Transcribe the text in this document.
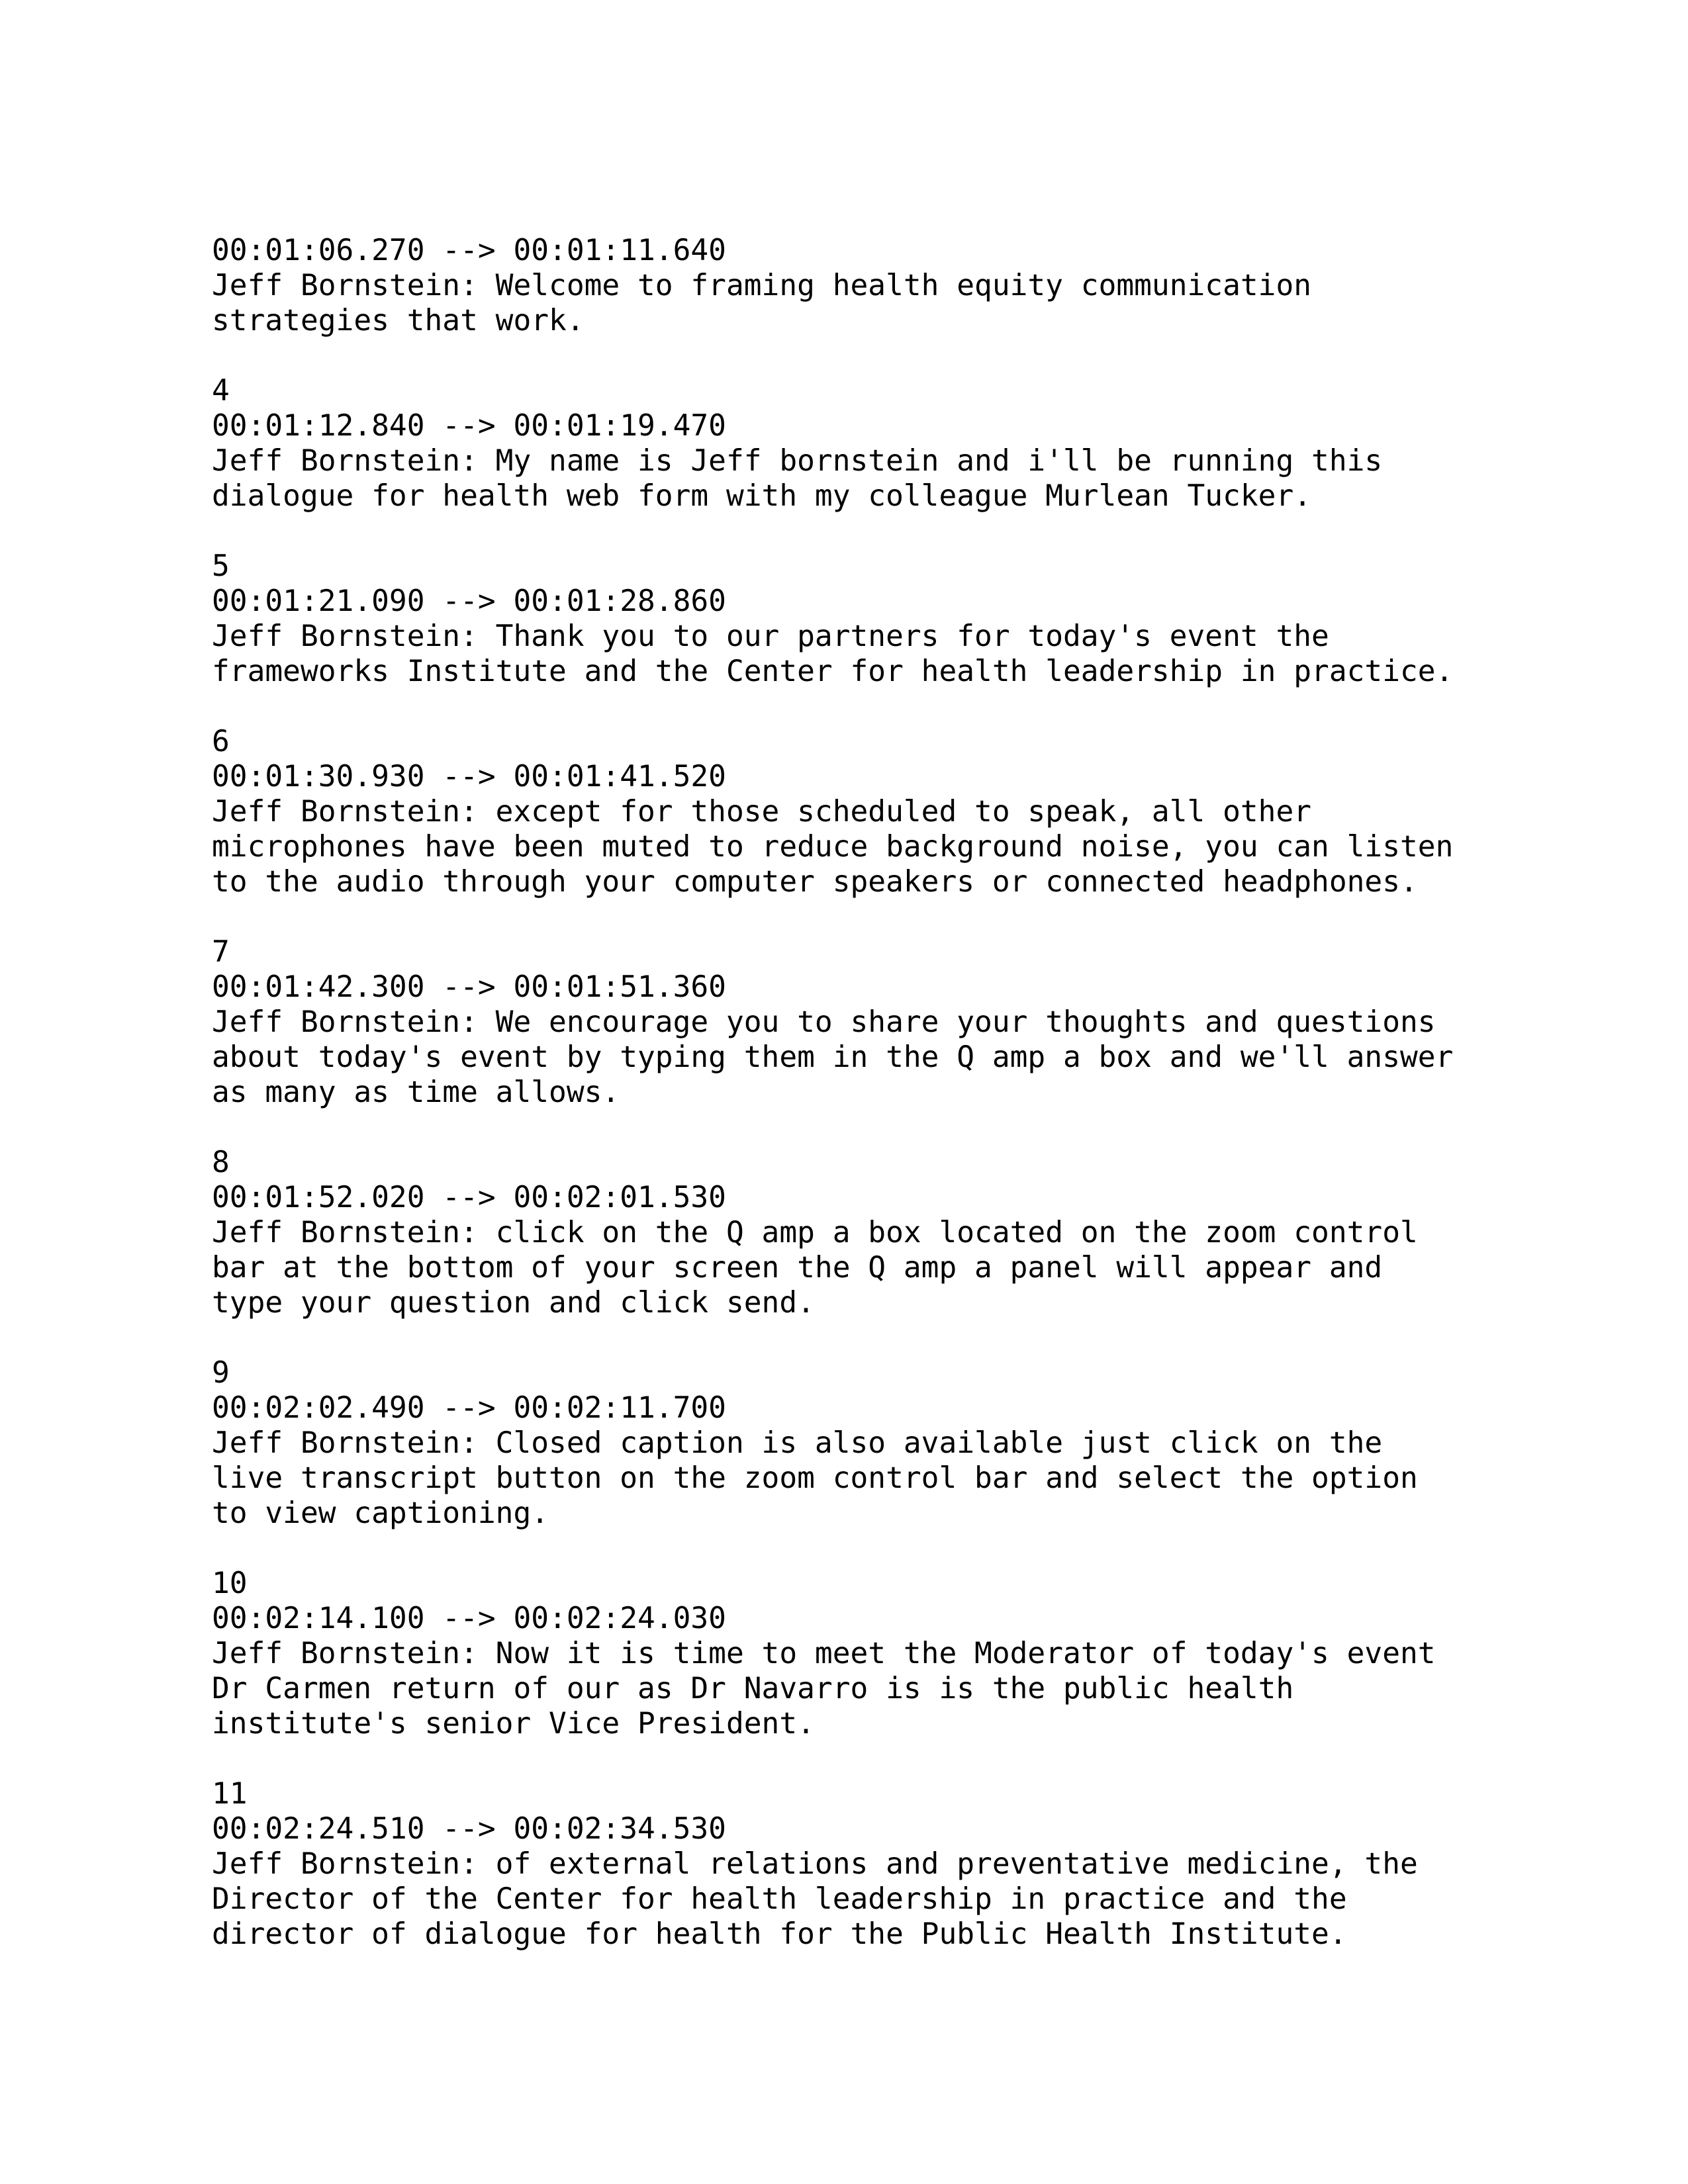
00:01:06.270 --> 00:01:11.640
Jeff Bornstein: Welcome to framing health equity communication
strategies that work.
4
00:01:12.840 --> 00:01:19.470
Jeff Bornstein: My name is Jeff bornstein and i'll be running this
dialogue for health web form with my colleague Murlean Tucker.
5
00:01:21.090 --> 00:01:28.860
Jeff Bornstein: Thank you to our partners for today's event the
frameworks Institute and the Center for health leadership in practice.
6
00:01:30.930 --> 00:01:41.520
Jeff Bornstein: except for those scheduled to speak, all other
microphones have been muted to reduce background noise, you can listen
to the audio through your computer speakers or connected headphones.
7
00:01:42.300 --> 00:01:51.360
Jeff Bornstein: We encourage you to share your thoughts and questions
about today's event by typing them in the Q amp a box and we'll answer
as many as time allows.
8
00:01:52.020 --> 00:02:01.530
Jeff Bornstein: click on the Q amp a box located on the zoom control
bar at the bottom of your screen the Q amp a panel will appear and
type your question and click send.
9
00:02:02.490 --> 00:02:11.700
Jeff Bornstein: Closed caption is also available just click on the
live transcript button on the zoom control bar and select the option
to view captioning.
10
00:02:14.100 --> 00:02:24.030
Jeff Bornstein: Now it is time to meet the Moderator of today's event
Dr Carmen return of our as Dr Navarro is is the public health
institute's senior Vice President.
11
00:02:24.510 --> 00:02:34.530
Jeff Bornstein: of external relations and preventative medicine, the
Director of the Center for health leadership in practice and the
director of dialogue for health for the Public Health Institute.
